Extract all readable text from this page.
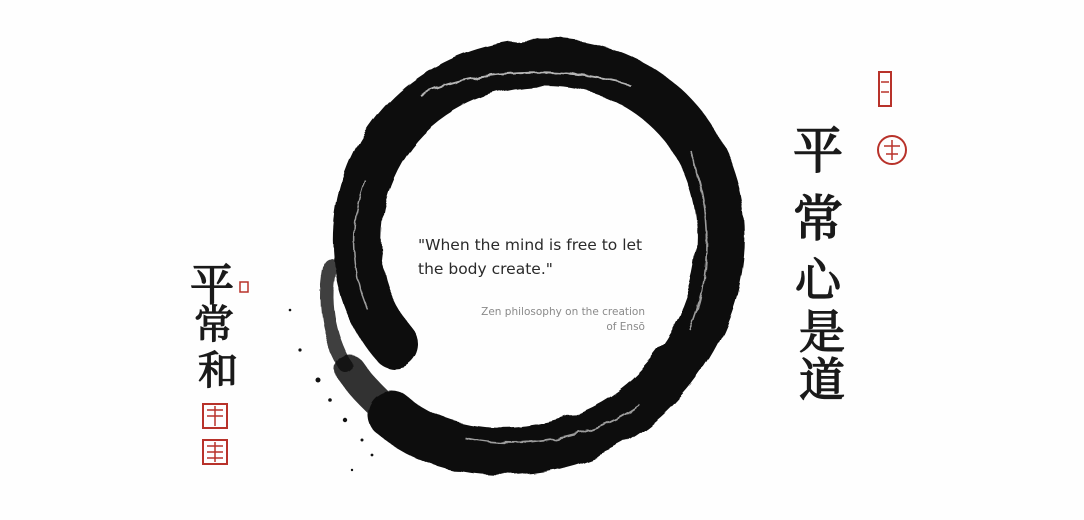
平
常
心
是
道
平
常
和
"When the mind is free to let the body create."
Zen philosophy on the creation of Ensō
